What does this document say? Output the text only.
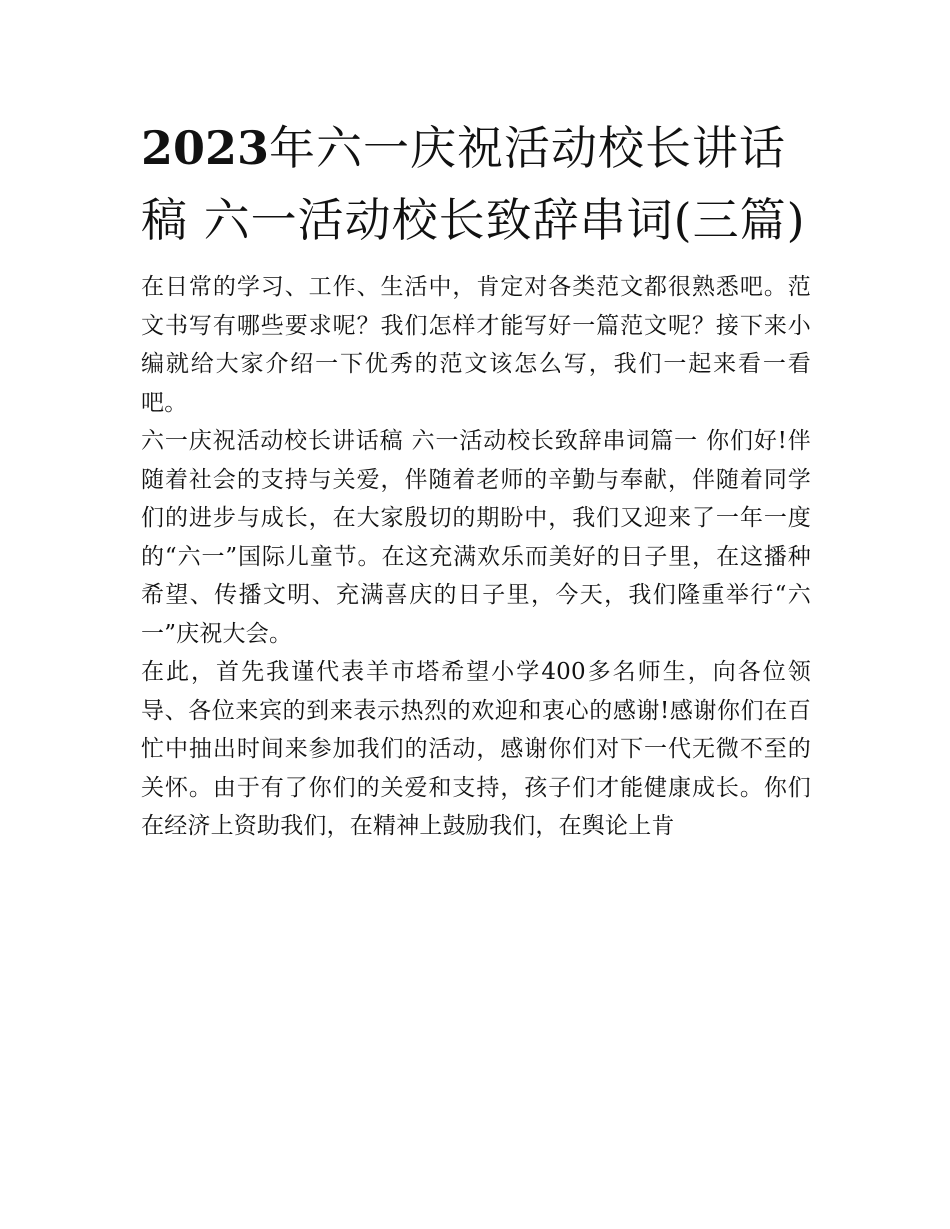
2023年六一庆祝活动校长讲话稿 六一活动校长致辞串词(三篇)

在日常的学习、工作、生活中，肯定对各类范文都很熟悉吧。范文书写有哪些要求呢？我们怎样才能写好一篇范文呢？接下来小编就给大家介绍一下优秀的范文该怎么写，我们一起来看一看吧。

六一庆祝活动校长讲话稿 六一活动校长致辞串词篇一 你们好!伴随着社会的支持与关爱，伴随着老师的辛勤与奉献，伴随着同学们的进步与成长，在大家殷切的期盼中，我们又迎来了一年一度的“六一”国际儿童节。在这充满欢乐而美好的日子里，在这播种希望、传播文明、充满喜庆的日子里，今天，我们隆重举行“六一”庆祝大会。

在此，首先我谨代表羊市塔希望小学400多名师生，向各位领导、各位来宾的到来表示热烈的欢迎和衷心的感谢!感谢你们在百忙中抽出时间来参加我们的活动，感谢你们对下一代无微不至的关怀。由于有了你们的关爱和支持，孩子们才能健康成长。你们在经济上资助我们，在精神上鼓励我们，在舆论上肯
